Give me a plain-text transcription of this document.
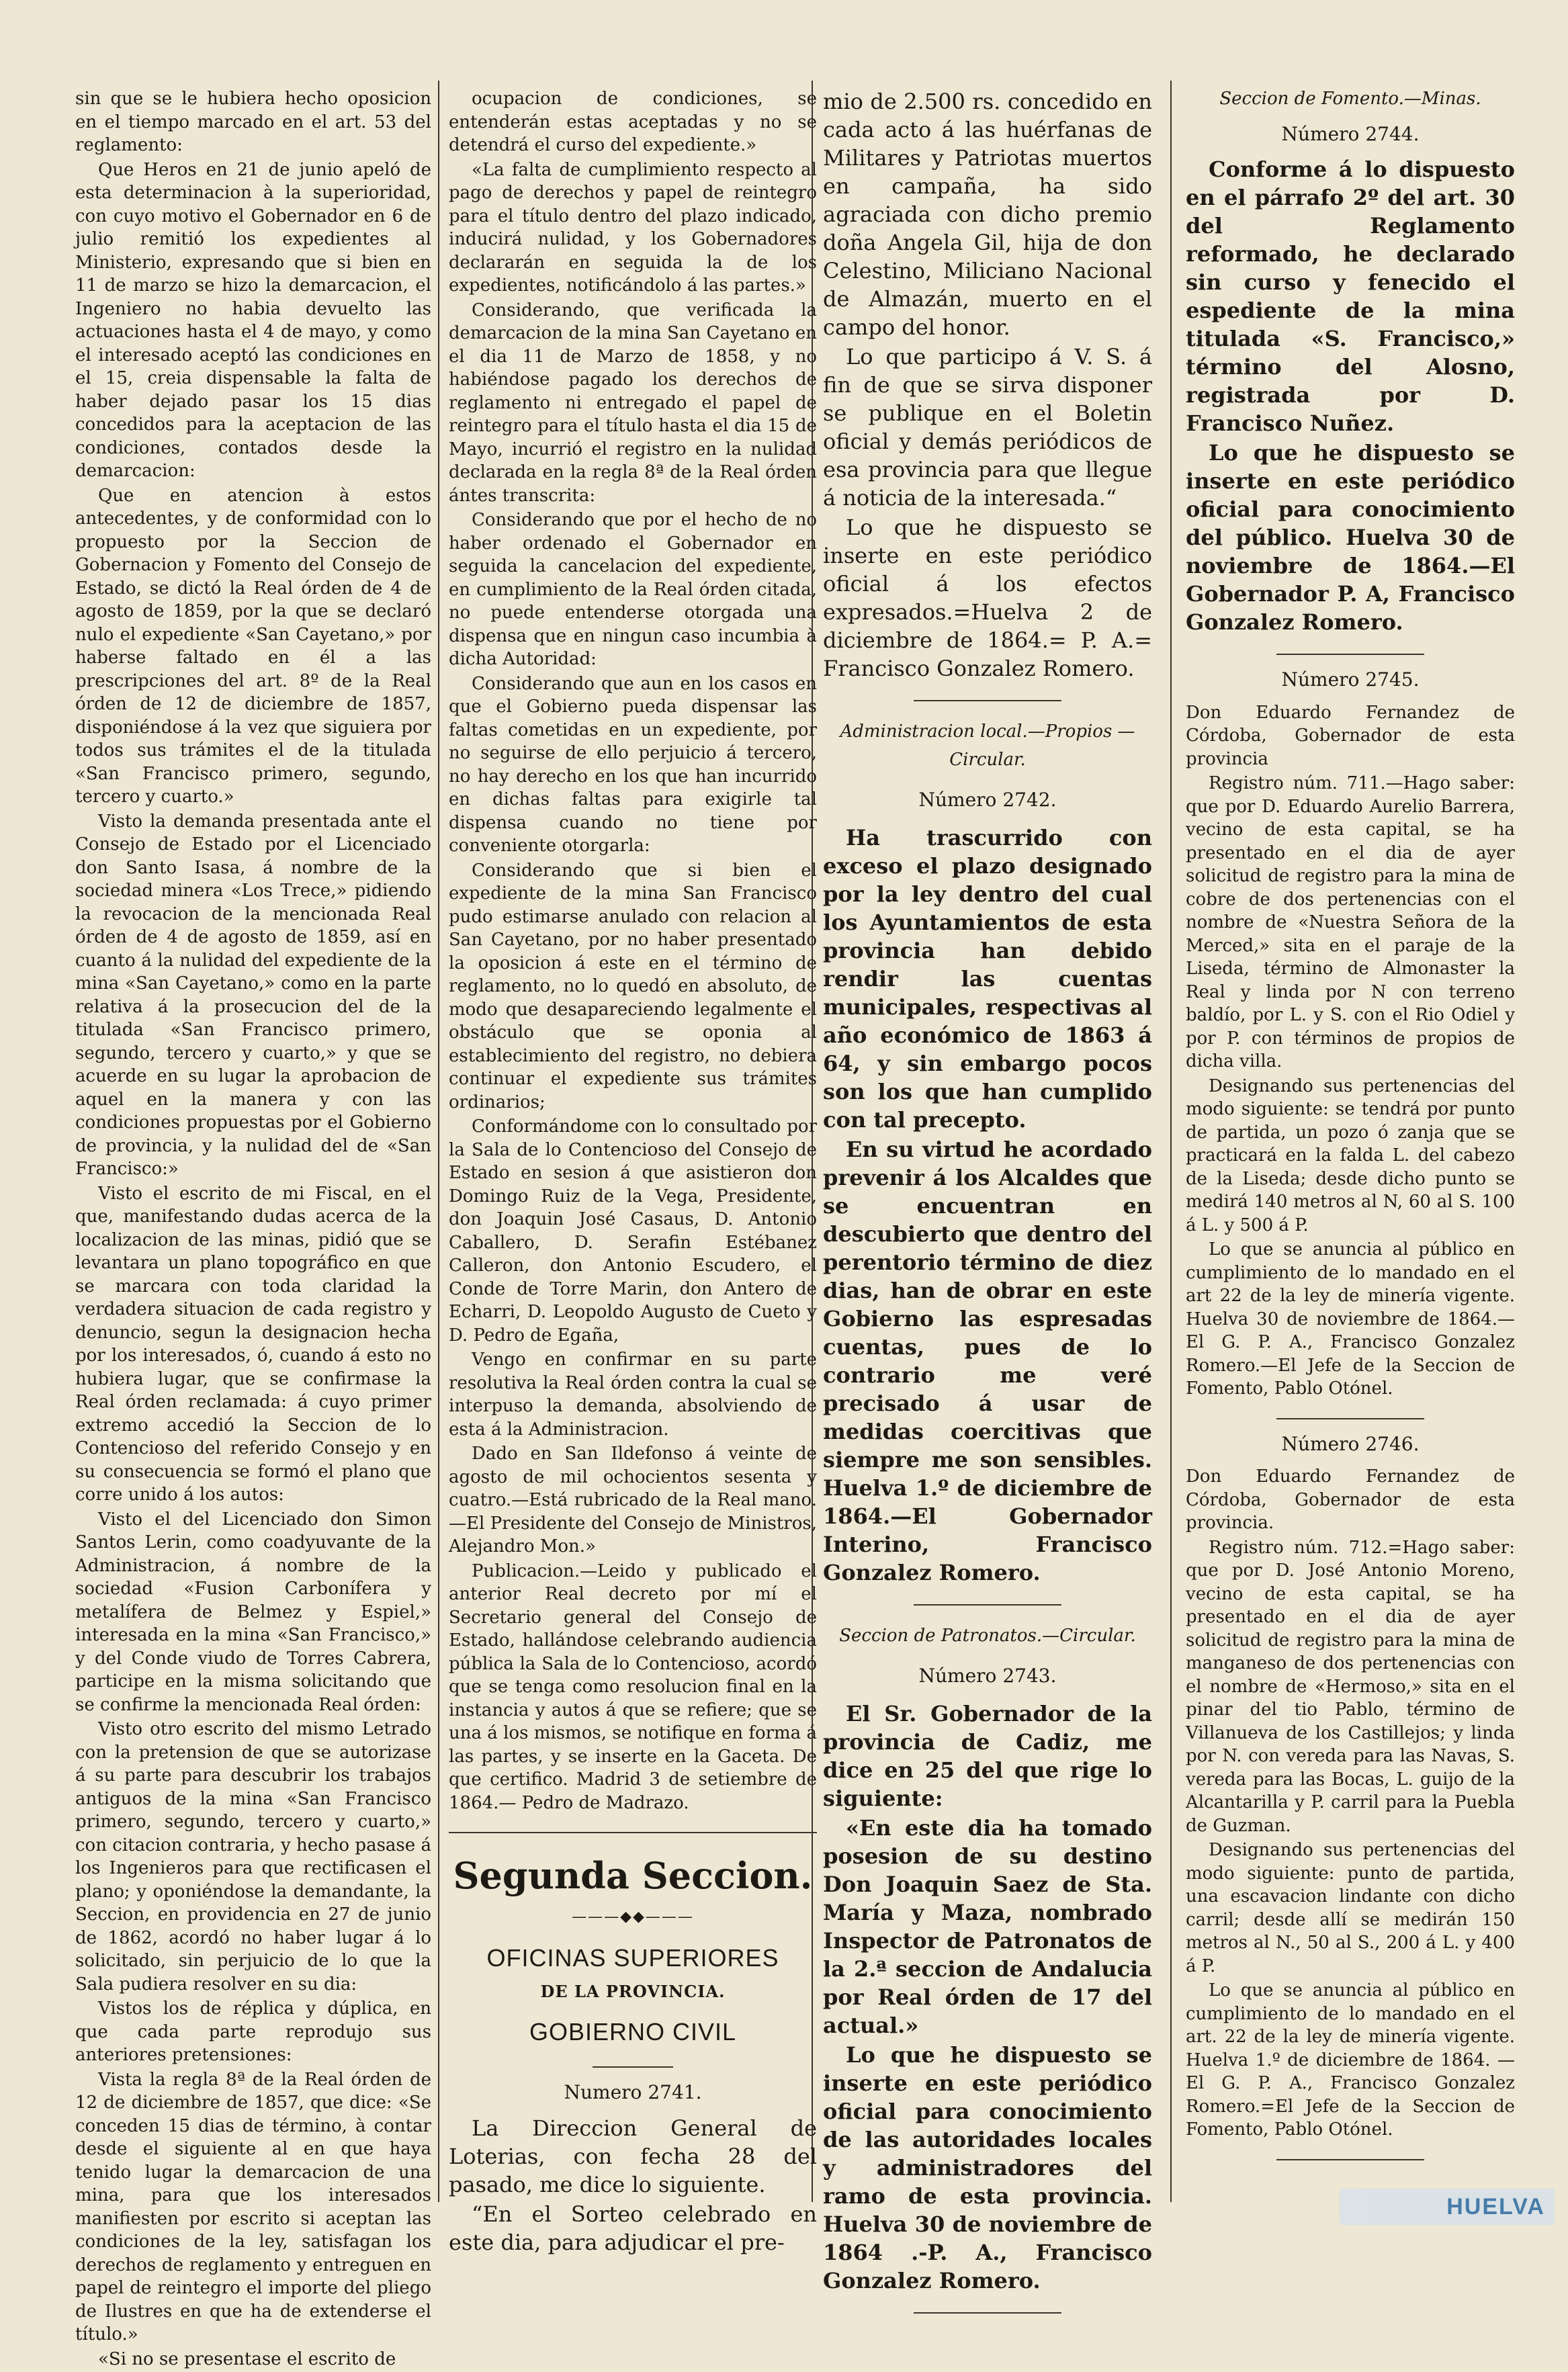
sin que se le hubiera hecho oposicion en el tiempo marcado en el art. 53 del reglamento:

Que Heros en 21 de junio apeló de esta determinacion à la superioridad, con cuyo motivo el Gobernador en 6 de julio remitió los expedientes al Ministerio, expresando que si bien en 11 de marzo se hizo la demarcacion, el Ingeniero no habia devuelto las actuaciones hasta el 4 de mayo, y como el interesado aceptó las condiciones en el 15, creia dispensable la falta de haber dejado pasar los 15 dias concedidos para la aceptacion de las condiciones, contados desde la demarcacion:

Que en atencion à estos antecedentes, y de conformidad con lo propuesto por la Seccion de Gobernacion y Fomento del Consejo de Estado, se dictó la Real órden de 4 de agosto de 1859, por la que se declaró nulo el expediente «San Cayetano,» por haberse faltado en él a las prescripciones del art. 8º de la Real órden de 12 de diciembre de 1857, disponiéndose á la vez que siguiera por todos sus trámites el de la titulada «San Francisco primero, segundo, tercero y cuarto.»

Visto la demanda presentada ante el Consejo de Estado por el Licenciado don Santo Isasa, á nombre de la sociedad minera «Los Trece,» pidiendo la revocacion de la mencionada Real órden de 4 de agosto de 1859, así en cuanto á la nulidad del expediente de la mina «San Cayetano,» como en la parte relativa á la prosecucion del de la titulada «San Francisco primero, segundo, tercero y cuarto,» y que se acuerde en su lugar la aprobacion de aquel en la manera y con las condiciones propuestas por el Gobierno de provincia, y la nulidad del de «San Francisco:»

Visto el escrito de mi Fiscal, en el que, manifestando dudas acerca de la localizacion de las minas, pidió que se levantara un plano topográfico en que se marcara con toda claridad la verdadera situacion de cada registro y denuncio, segun la designacion hecha por los interesados, ó, cuando á esto no hubiera lugar, que se confirmase la Real órden reclamada: á cuyo primer extremo accedió la Seccion de lo Contencioso del referido Consejo y en su consecuencia se formó el plano que corre unido á los autos:

Visto el del Licenciado don Simon Santos Lerin, como coadyuvante de la Administracion, á nombre de la sociedad «Fusion Carbonífera y metalífera de Belmez y Espiel,» interesada en la mina «San Francisco,» y del Conde viudo de Torres Cabrera, participe en la misma solicitando que se confirme la mencionada Real órden:

Visto otro escrito del mismo Letrado con la pretension de que se autorizase á su parte para descubrir los trabajos antiguos de la mina «San Francisco primero, segundo, tercero y cuarto,» con citacion contraria, y hecho pasase á los Ingenieros para que rectificasen el plano; y oponiéndose la demandante, la Seccion, en providencia en 27 de junio de 1862, acordó no haber lugar á lo solicitado, sin perjuicio de lo que la Sala pudiera resolver en su dia:

Vistos los de réplica y dúplica, en que cada parte reprodujo sus anteriores pretensiones:

Vista la regla 8ª de la Real órden de 12 de diciembre de 1857, que dice: «Se conceden 15 dias de término, à contar desde el siguiente al en que haya tenido lugar la demarcacion de una mina, para que los interesados manifiesten por escrito si aceptan las condiciones de la ley, satisfagan los derechos de reglamento y entreguen en papel de reintegro el importe del pliego de Ilustres en que ha de extenderse el título.»

«Si no se presentase el escrito de

ocupacion de condiciones, se entenderán estas aceptadas y no se detendrá el curso del expediente.»

«La falta de cumplimiento respecto al pago de derechos y papel de reintegro para el título dentro del plazo indicado, inducirá nulidad, y los Gobernadores declararán en seguida la de los expedientes, notificándolo á las partes.»

Considerando, que verificada la demarcacion de la mina San Cayetano en el dia 11 de Marzo de 1858, y no habiéndose pagado los derechos de reglamento ni entregado el papel de reintegro para el título hasta el dia 15 de Mayo, incurrió el registro en la nulidad declarada en la regla 8ª de la Real órden ántes transcrita:

Considerando que por el hecho de no haber ordenado el Gobernador en seguida la cancelacion del expediente, en cumplimiento de la Real órden citada, no puede entenderse otorgada una dispensa que en ningun caso incumbia à dicha Autoridad:

Considerando que aun en los casos en que el Gobierno pueda dispensar las faltas cometidas en un expediente, por no seguirse de ello perjuicio á tercero, no hay derecho en los que han incurrido en dichas faltas para exigirle tal dispensa cuando no tiene por conveniente otorgarla:

Considerando que si bien el expediente de la mina San Francisco pudo estimarse anulado con relacion al San Cayetano, por no haber presentado la oposicion á este en el término de reglamento, no lo quedó en absoluto, de modo que desapareciendo legalmente el obstáculo que se oponia al establecimiento del registro, no debiera continuar el expediente sus trámites ordinarios;

Conformándome con lo consultado por la Sala de lo Contencioso del Consejo de Estado en sesion á que asistieron don Domingo Ruiz de la Vega, Presidente, don Joaquin José Casaus, D. Antonio Caballero, D. Serafin Estébanez Calleron, don Antonio Escudero, el Conde de Torre Marin, don Antero de Echarri, D. Leopoldo Augusto de Cueto y D. Pedro de Egaña,

Vengo en confirmar en su parte resolutiva la Real órden contra la cual se interpuso la demanda, absolviendo de esta á la Administracion.

Dado en San Ildefonso á veinte de agosto de mil ochocientos sesenta y cuatro.—Está rubricado de la Real mano.—El Presidente del Consejo de Ministros, Alejandro Mon.»

Publicacion.—Leido y publicado el anterior Real decreto por mí el Secretario general del Consejo de Estado, hallándose celebrando audiencia pública la Sala de lo Contencioso, acordó que se tenga como resolucion final en la instancia y autos á que se refiere; que se una á los mismos, se notifique en forma á las partes, y se inserte en la Gaceta. De que certifico. Madrid 3 de setiembre de 1864.— Pedro de Madrazo.

Segunda Seccion.

———◆◆———

OFICINAS SUPERIORES

DE LA PROVINCIA.

GOBIERNO CIVIL

Numero 2741.

La Direccion General de Loterias, con fecha 28 del pasado, me dice lo siguiente.

“En el Sorteo celebrado en este dia, para adjudicar el pre-

mio de 2.500 rs. concedido en cada acto á las huérfanas de Militares y Patriotas muertos en campaña, ha sido agraciada con dicho premio doña Angela Gil, hija de don Celestino, Miliciano Nacional de Almazán, muerto en el campo del honor.

Lo que participo á V. S. á fin de que se sirva disponer se publique en el Boletin oficial y demás periódicos de esa provincia para que llegue á noticia de la interesada.“

Lo que he dispuesto se inserte en este periódico oficial á los efectos expresados.=Huelva 2 de diciembre de 1864.= P. A.= Francisco Gonzalez Romero.

Administracion local.—Propios —Circular.

Número 2742.

Ha trascurrido con exceso el plazo designado por la ley dentro del cual los Ayuntamientos de esta provincia han debido rendir las cuentas municipales, respectivas al año económico de 1863 á 64, y sin embargo pocos son los que han cumplido con tal precepto.

En su virtud he acordado prevenir á los Alcaldes que se encuentran en descubierto que dentro del perentorio término de diez dias, han de obrar en este Gobierno las espresadas cuentas, pues de lo contrario me veré precisado á usar de medidas coercitivas que siempre me son sensibles. Huelva 1.º de diciembre de 1864.—El Gobernador Interino, Francisco Gonzalez Romero.

Seccion de Patronatos.—Circular.

Número 2743.

El Sr. Gobernador de la provincia de Cadiz, me dice en 25 del que rige lo siguiente:

«En este dia ha tomado posesion de su destino Don Joaquin Saez de Sta. María y Maza, nombrado Inspector de Patronatos de la 2.ª seccion de Andalucia por Real órden de 17 del actual.»

Lo que he dispuesto se inserte en este periódico oficial para conocimiento de las autoridades locales y administradores del ramo de esta provincia. Huelva 30 de noviembre de 1864 .-P. A., Francisco Gonzalez Romero.

Seccion de Fomento.—Minas.

Número 2744.

Conforme á lo dispuesto en el párrafo 2º del art. 30 del Reglamento reformado, he declarado sin curso y fenecido el espediente de la mina titulada «S. Francisco,» término del Alosno, registrada por D. Francisco Nuñez.

Lo que he dispuesto se inserte en este periódico oficial para conocimiento del público. Huelva 30 de noviembre de 1864.—El Gobernador P. A, Francisco Gonzalez Romero.

Número 2745.

Don Eduardo Fernandez de Córdoba, Gobernador de esta provincia

Registro núm. 711.—Hago saber: que por D. Eduardo Aurelio Barrera, vecino de esta capital, se ha presentado en el dia de ayer solicitud de registro para la mina de cobre de dos pertenencias con el nombre de «Nuestra Señora de la Merced,» sita en el paraje de la Liseda, término de Almonaster la Real y linda por N con terreno baldío, por L. y S. con el Rio Odiel y por P. con términos de propios de dicha villa.

Designando sus pertenencias del modo siguiente: se tendrá por punto de partida, un pozo ó zanja que se practicará en la falda L. del cabezo de la Liseda; desde dicho punto se medirá 140 metros al N, 60 al S. 100 á L. y 500 á P.

Lo que se anuncia al público en cumplimiento de lo mandado en el art 22 de la ley de minería vigente. Huelva 30 de noviembre de 1864.—El G. P. A., Francisco Gonzalez Romero.—El Jefe de la Seccion de Fomento, Pablo Otónel.

Número 2746.

Don Eduardo Fernandez de Córdoba, Gobernador de esta provincia.

Registro núm. 712.=Hago saber: que por D. José Antonio Moreno, vecino de esta capital, se ha presentado en el dia de ayer solicitud de registro para la mina de manganeso de dos pertenencias con el nombre de «Hermoso,» sita en el pinar del tio Pablo, término de Villanueva de los Castillejos; y linda por N. con vereda para las Navas, S. vereda para las Bocas, L. guijo de la Alcantarilla y P. carril para la Puebla de Guzman.

Designando sus pertenencias del modo siguiente: punto de partida, una escavacion lindante con dicho carril; desde allí se medirán 150 metros al N., 50 al S., 200 á L. y 400 á P.

Lo que se anuncia al público en cumplimiento de lo mandado en el art. 22 de la ley de minería vigente. Huelva 1.º de diciembre de 1864. —El G. P. A., Francisco Gonzalez Romero.=El Jefe de la Seccion de Fomento, Pablo Otónel.

HUELVA
